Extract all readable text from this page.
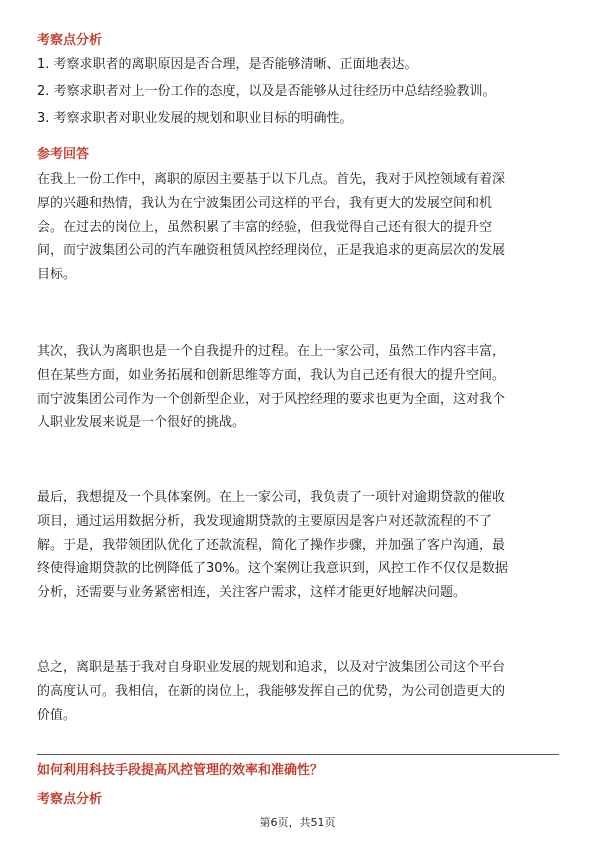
考察点分析
1. 考察求职者的离职原因是否合理，是否能够清晰、正面地表达。
2. 考察求职者对上一份工作的态度，以及是否能够从过往经历中总结经验教训。
3. 考察求职者对职业发展的规划和职业目标的明确性。
参考回答
在我上一份工作中，离职的原因主要基于以下几点。首先，我对于风控领域有着深
厚的兴趣和热情，我认为在宁波集团公司这样的平台，我有更大的发展空间和机
会。在过去的岗位上，虽然积累了丰富的经验，但我觉得自己还有很大的提升空
间，而宁波集团公司的汽车融资租赁风控经理岗位，正是我追求的更高层次的发展
目标。
其次，我认为离职也是一个自我提升的过程。在上一家公司，虽然工作内容丰富，
但在某些方面，如业务拓展和创新思维等方面，我认为自己还有很大的提升空间。
而宁波集团公司作为一个创新型企业，对于风控经理的要求也更为全面，这对我个
人职业发展来说是一个很好的挑战。
最后，我想提及一个具体案例。在上一家公司，我负责了一项针对逾期贷款的催收
项目，通过运用数据分析，我发现逾期贷款的主要原因是客户对还款流程的不了
解。于是，我带领团队优化了还款流程，简化了操作步骤，并加强了客户沟通，最
终使得逾期贷款的比例降低了30%。这个案例让我意识到，风控工作不仅仅是数据
分析，还需要与业务紧密相连，关注客户需求，这样才能更好地解决问题。
总之，离职是基于我对自身职业发展的规划和追求，以及对宁波集团公司这个平台
的高度认可。我相信，在新的岗位上，我能够发挥自己的优势，为公司创造更大的
价值。
如何利用科技手段提高风控管理的效率和准确性？
考察点分析
第6页，共51页
